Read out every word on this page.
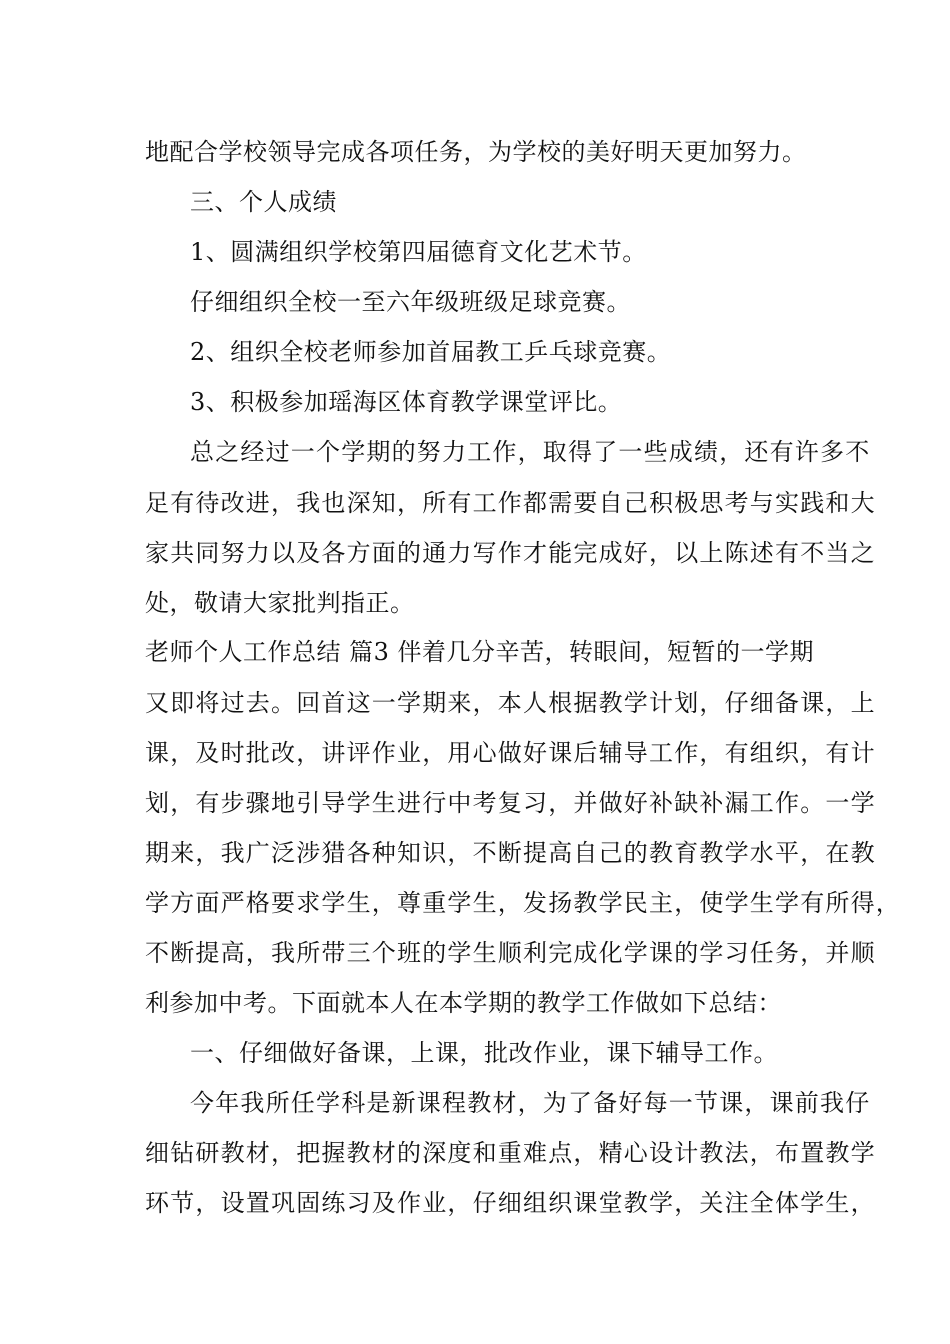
地配合学校领导完成各项任务，为学校的美好明天更加努力。
三、个人成绩
1、圆满组织学校第四届德育文化艺术节。
仔细组织全校一至六年级班级足球竞赛。
2、组织全校老师参加首届教工乒乓球竞赛。
3、积极参加瑶海区体育教学课堂评比。
总之经过一个学期的努力工作，取得了一些成绩，还有许多不
足有待改进，我也深知，所有工作都需要自己积极思考与实践和大
家共同努力以及各方面的通力写作才能完成好，以上陈述有不当之
处，敬请大家批判指正。
老师个人工作总结 篇3 伴着几分辛苦，转眼间，短暂的一学期
又即将过去。回首这一学期来，本人根据教学计划，仔细备课，上
课，及时批改，讲评作业，用心做好课后辅导工作，有组织，有计
划，有步骤地引导学生进行中考复习，并做好补缺补漏工作。一学
期来，我广泛涉猎各种知识，不断提高自己的教育教学水平，在教
学方面严格要求学生，尊重学生，发扬教学民主，使学生学有所得，
不断提高，我所带三个班的学生顺利完成化学课的学习任务，并顺
利参加中考。下面就本人在本学期的教学工作做如下总结：
一、仔细做好备课，上课，批改作业，课下辅导工作。
今年我所任学科是新课程教材，为了备好每一节课，课前我仔
细钻研教材，把握教材的深度和重难点，精心设计教法，布置教学
环节，设置巩固练习及作业，仔细组织课堂教学，关注全体学生，
